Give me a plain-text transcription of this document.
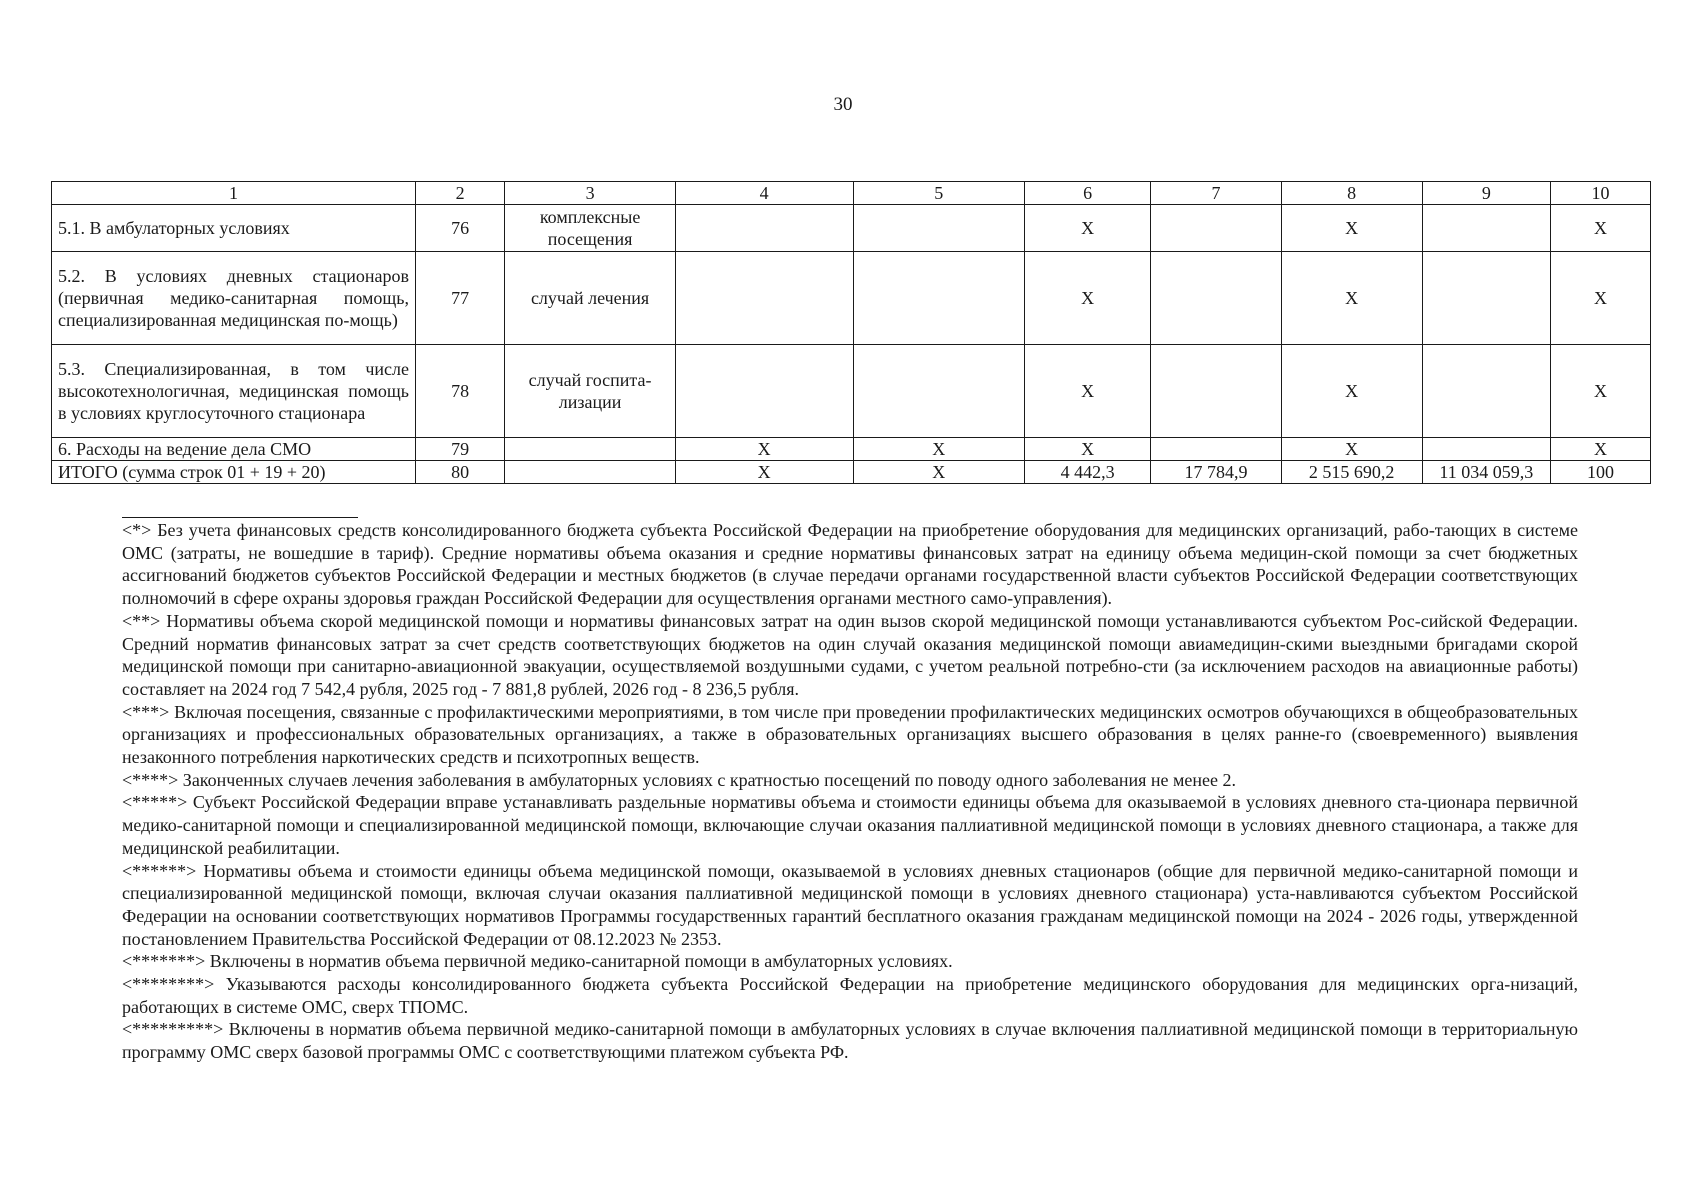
30
1	2	3	4	5	6	7	8	9	10
5.1. В амбулаторных условиях	76	комплексные посещения			X		X		X
5.2. В условиях дневных стационаров (первичная медико-санитарная помощь, специализированная медицинская по-мощь)	77	случай лечения			X		X		X
5.3. Специализированная, в том числе высокотехнологичная, медицинская помощь в условиях круглосуточного стационара	78	случай госпита-лизации			X		X		X
6. Расходы на ведение дела СМО	79		X	X	X		X		X
ИТОГО (сумма строк 01 + 19 + 20)	80		X	X	4 442,3	17 784,9	2 515 690,2	11 034 059,3	100

<*> Без учета финансовых средств консолидированного бюджета субъекта Российской Федерации на приобретение оборудования для медицинских организаций, рабо-тающих в системе ОМС (затраты, не вошедшие в тариф). Средние нормативы объема оказания и средние нормативы финансовых затрат на единицу объема медицин-ской помощи за счет бюджетных ассигнований бюджетов субъектов Российской Федерации и местных бюджетов (в случае передачи органами государственной власти субъектов Российской Федерации соответствующих полномочий в сфере охраны здоровья граждан Российской Федерации для осуществления органами местного само-управления).

<**> Нормативы объема скорой медицинской помощи и нормативы финансовых затрат на один вызов скорой медицинской помощи устанавливаются субъектом Рос-сийской Федерации. Средний норматив финансовых затрат за счет средств соответствующих бюджетов на один случай оказания медицинской помощи авиамедицин-скими выездными бригадами скорой медицинской помощи при санитарно-авиационной эвакуации, осуществляемой воздушными судами, с учетом реальной потребно-сти (за исключением расходов на авиационные работы) составляет на 2024 год 7 542,4 рубля, 2025 год - 7 881,8 рублей, 2026 год - 8 236,5 рубля.

<***> Включая посещения, связанные с профилактическими мероприятиями, в том числе при проведении профилактических медицинских осмотров обучающихся в общеобразовательных организациях и профессиональных образовательных организациях, а также в образовательных организациях высшего образования в целях ранне-го (своевременного) выявления незаконного потребления наркотических средств и психотропных веществ.

<****> Законченных случаев лечения заболевания в амбулаторных условиях с кратностью посещений по поводу одного заболевания не менее 2.

<*****> Субъект Российской Федерации вправе устанавливать раздельные нормативы объема и стоимости единицы объема для оказываемой в условиях дневного ста-ционара первичной медико-санитарной помощи и специализированной медицинской помощи, включающие случаи оказания паллиативной медицинской помощи в условиях дневного стационара, а также для медицинской реабилитации.

<******> Нормативы объема и стоимости единицы объема медицинской помощи, оказываемой в условиях дневных стационаров (общие для первичной медико-санитарной помощи и специализированной медицинской помощи, включая случаи оказания паллиативной медицинской помощи в условиях дневного стационара) уста-навливаются субъектом Российской Федерации на основании соответствующих нормативов Программы государственных гарантий бесплатного оказания гражданам медицинской помощи на 2024 - 2026 годы, утвержденной постановлением Правительства Российской Федерации от 08.12.2023 № 2353.

<*******> Включены в норматив объема первичной медико-санитарной помощи в амбулаторных условиях.

<********> Указываются расходы консолидированного бюджета субъекта Российской Федерации на приобретение медицинского оборудования для медицинских орга-низаций, работающих в системе ОМС, сверх ТПОМС.

<*********> Включены в норматив объема первичной медико-санитарной помощи в амбулаторных условиях в случае включения паллиативной медицинской помощи в территориальную программу ОМС сверх базовой программы ОМС с соответствующими платежом субъекта РФ.
